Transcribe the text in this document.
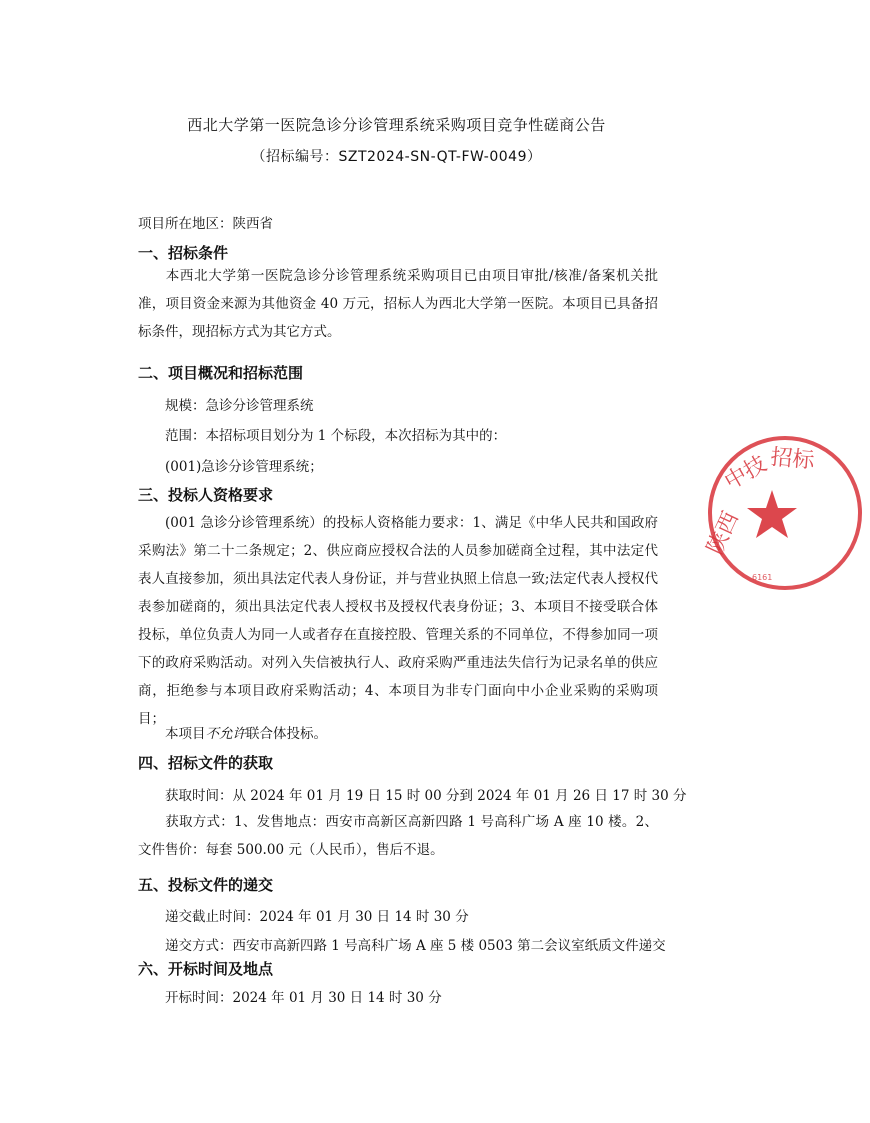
西北大学第一医院急诊分诊管理系统采购项目竞争性磋商公告
（招标编号：SZT2024-SN-QT-FW-0049）
项目所在地区：陕西省
一、招标条件
本西北大学第一医院急诊分诊管理系统采购项目已由项目审批/核准/备案机关批准，项目资金来源为其他资金 40 万元，招标人为西北大学第一医院。本项目已具备招标条件，现招标方式为其它方式。
二、项目概况和招标范围
规模：急诊分诊管理系统
范围：本招标项目划分为 1 个标段，本次招标为其中的：
(001)急诊分诊管理系统；
三、投标人资格要求
(001 急诊分诊管理系统）的投标人资格能力要求：1、满足《中华人民共和国政府采购法》第二十二条规定；2、供应商应授权合法的人员参加磋商全过程，其中法定代表人直接参加，须出具法定代表人身份证，并与营业执照上信息一致;法定代表人授权代表参加磋商的，须出具法定代表人授权书及授权代表身份证；3、本项目不接受联合体投标，单位负责人为同一人或者存在直接控股、管理关系的不同单位，不得参加同一项下的政府采购活动。对列入失信被执行人、政府采购严重违法失信行为记录名单的供应商，拒绝参与本项目政府采购活动；4、本项目为非专门面向中小企业采购的采购项目；
本项目不允许联合体投标。
四、招标文件的获取
获取时间：从 2024 年 01 月 19 日 15 时 00 分到 2024 年 01 月 26 日 17 时 30 分
获取方式：1、发售地点：西安市高新区高新四路 1 号高科广场 A 座 10 楼。2、文件售价：每套 500.00 元（人民币），售后不退。
五、投标文件的递交
递交截止时间：2024 年 01 月 30 日 14 时 30 分
递交方式：西安市高新四路 1 号高科广场 A 座 5 楼 0503 第二会议室纸质文件递交
六、开标时间及地点
开标时间：2024 年 01 月 30 日 14 时 30 分
陕西
中技
招标
6161
